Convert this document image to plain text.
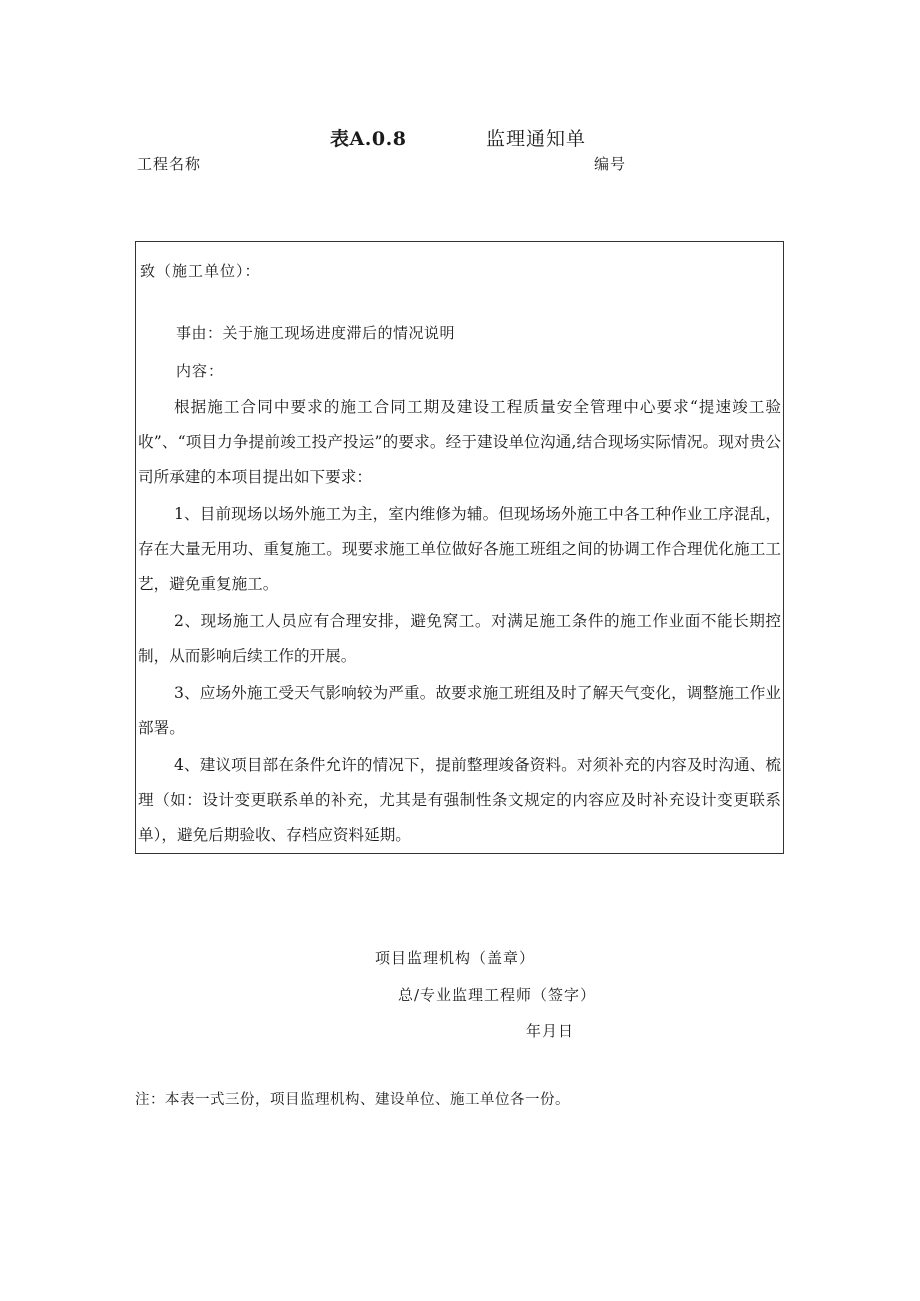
表A.0.8	监理通知单
工程名称	编号
致（施工单位）：
事由：关于施工现场进度滞后的情况说明
内容：

根据施工合同中要求的施工合同工期及建设工程质量安全管理中心要求“提速竣工验收”、“项目力争提前竣工投产投运”的要求。经于建设单位沟通,结合现场实际情况。现对贵公司所承建的本项目提出如下要求：

1、目前现场以场外施工为主，室内维修为辅。但现场场外施工中各工种作业工序混乱，存在大量无用功、重复施工。现要求施工单位做好各施工班组之间的协调工作合理优化施工工艺，避免重复施工。

2、现场施工人员应有合理安排，避免窝工。对满足施工条件的施工作业面不能长期控制，从而影响后续工作的开展。

3、应场外施工受天气影响较为严重。故要求施工班组及时了解天气变化，调整施工作业部署。

4、建议项目部在条件允许的情况下，提前整理竣备资料。对须补充的内容及时沟通、梳理（如：设计变更联系单的补充，尤其是有强制性条文规定的内容应及时补充设计变更联系单），避免后期验收、存档应资料延期。

项目监理机构（盖章）
总/专业监理工程师（签字）
年月日
注：本表一式三份，项目监理机构、建设单位、施工单位各一份。
